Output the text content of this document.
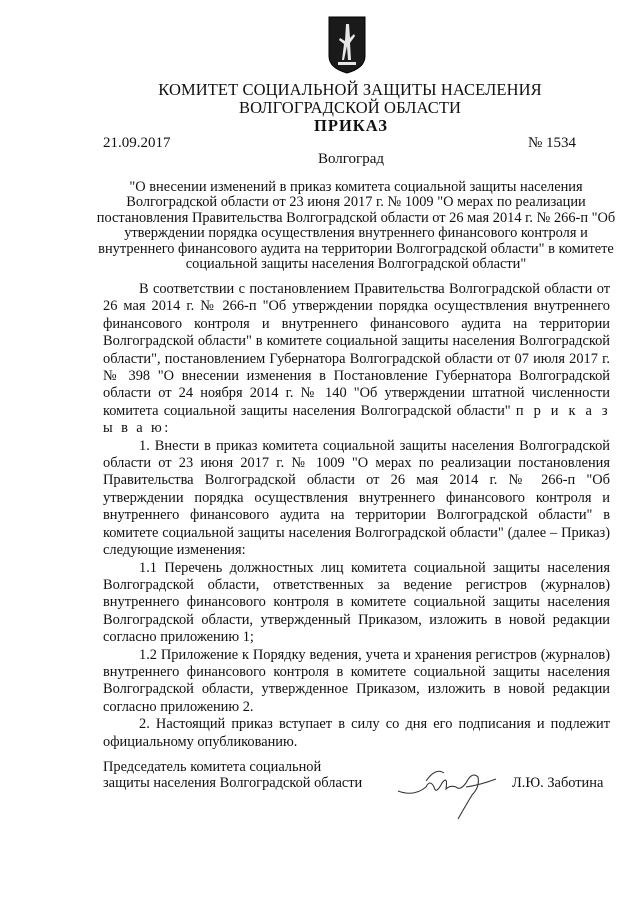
КОМИТЕТ СОЦИАЛЬНОЙ ЗАЩИТЫ НАСЕЛЕНИЯ
ВОЛГОГРАДСКОЙ ОБЛАСТИ
ПРИКАЗ
21.09.2017	№ 1534
Волгоград
"О внесении изменений в приказ комитета социальной защиты населения Волгоградской области от 23 июня 2017 г. № 1009 "О мерах по реализации постановления Правительства Волгоградской области от 26 мая 2014 г. № 266-п "Об утверждении порядка осуществления внутреннего финансового контроля и внутреннего финансового аудита на территории Волгоградской области" в комитете социальной защиты населения Волгоградской области"

В соответствии с постановлением Правительства Волгоградской области от 26 мая 2014 г. № 266-п "Об утверждении порядка осуществления внутреннего финансового контроля и внутреннего финансового аудита на территории Волгоградской области" в комитете социальной защиты населения Волгоградской области", постановлением Губернатора Волгоградской области от 07 июля 2017 г. № 398 "О внесении изменения в Постановление Губернатора Волгоградской области от 24 ноября 2014 г. № 140 "Об утверждении штатной численности комитета социальной защиты населения Волгоградской области" п р и к а з ы в а ю:

1. Внести в приказ комитета социальной защиты населения Волгоградской области от 23 июня 2017 г. № 1009 "О мерах по реализации постановления Правительства Волгоградской области от 26 мая 2014 г. № 266-п "Об утверждении порядка осуществления внутреннего финансового контроля и внутреннего финансового аудита на территории Волгоградской области" в комитете социальной защиты населения Волгоградской области" (далее – Приказ) следующие изменения:

1.1 Перечень должностных лиц комитета социальной защиты населения Волгоградской области, ответственных за ведение регистров (журналов) внутреннего финансового контроля в комитете социальной защиты населения Волгоградской области, утвержденный Приказом, изложить в новой редакции согласно приложению 1;

1.2 Приложение к Порядку ведения, учета и хранения регистров (журналов) внутреннего финансового контроля в комитете социальной защиты населения Волгоградской области, утвержденное Приказом, изложить в новой редакции согласно приложению 2.

2. Настоящий приказ вступает в силу со дня его подписания и подлежит официальному опубликованию.

Председатель комитета социальной
защиты населения Волгоградской области	Л.Ю. Заботина
